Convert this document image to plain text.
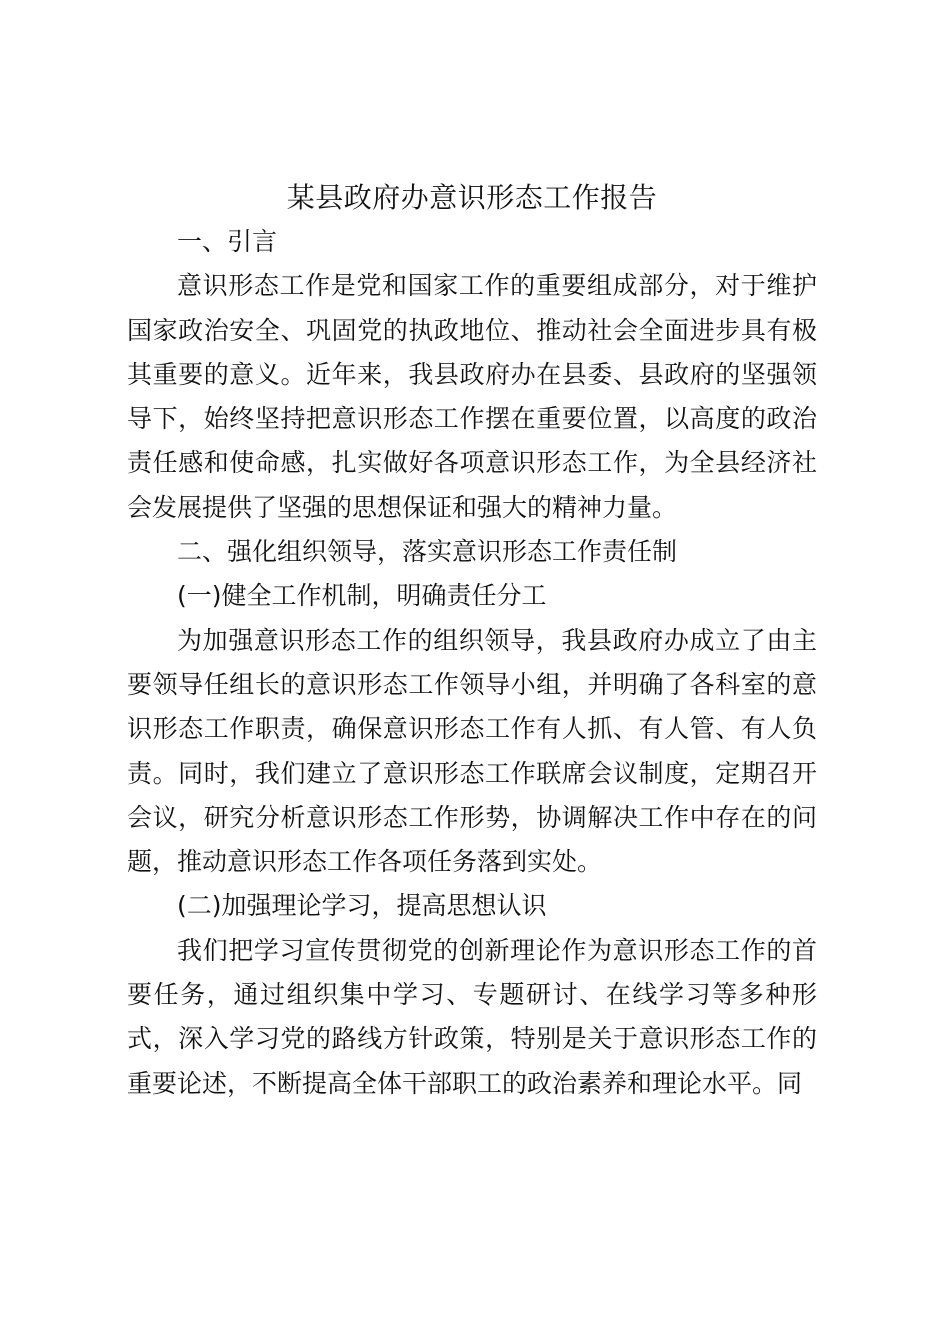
某县政府办意识形态工作报告

一、引言

意识形态工作是党和国家工作的重要组成部分，对于维护国家政治安全、巩固党的执政地位、推动社会全面进步具有极其重要的意义。近年来，我县政府办在县委、县政府的坚强领导下，始终坚持把意识形态工作摆在重要位置，以高度的政治责任感和使命感，扎实做好各项意识形态工作，为全县经济社会发展提供了坚强的思想保证和强大的精神力量。

二、强化组织领导，落实意识形态工作责任制

(一)健全工作机制，明确责任分工

为加强意识形态工作的组织领导，我县政府办成立了由主要领导任组长的意识形态工作领导小组，并明确了各科室的意识形态工作职责，确保意识形态工作有人抓、有人管、有人负责。同时，我们建立了意识形态工作联席会议制度，定期召开会议，研究分析意识形态工作形势，协调解决工作中存在的问题，推动意识形态工作各项任务落到实处。

(二)加强理论学习，提高思想认识

我们把学习宣传贯彻党的创新理论作为意识形态工作的首要任务，通过组织集中学习、专题研讨、在线学习等多种形式，深入学习党的路线方针政策，特别是关于意识形态工作的重要论述，不断提高全体干部职工的政治素养和理论水平。同
